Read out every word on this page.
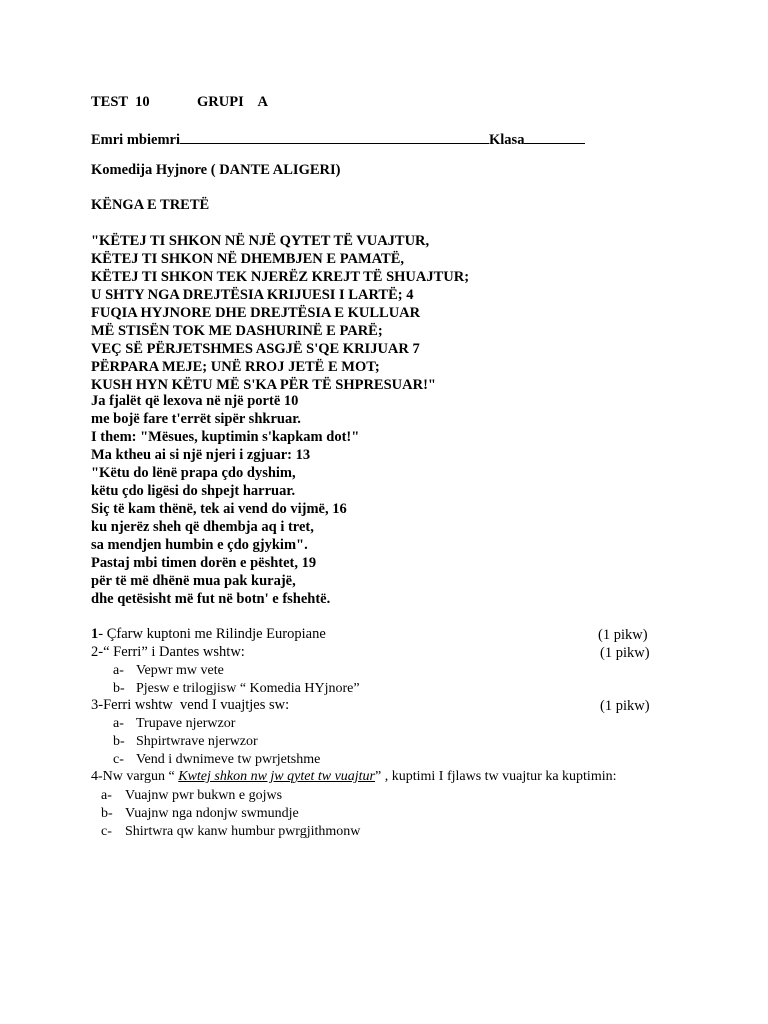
TEST 10	GRUPI A
Emri mbiemri	Klasa
Komedija Hyjnore ( DANTE ALIGERI)
KËNGA E TRETË
"KËTEJ TI SHKON NË NJË QYTET TË VUAJTUR,
KËTEJ TI SHKON NË DHEMBJEN E PAMATË,
KËTEJ TI SHKON TEK NJERËZ KREJT TË SHUAJTUR;
U SHTY NGA DREJTËSIA KRIJUESI I LARTË; 4
FUQIA HYJNORE DHE DREJTËSIA E KULLUAR
MË STISËN TOK ME DASHURINË E PARË;
VEÇ SË PËRJETSHMES ASGJË S'QE KRIJUAR 7
PËRPARA MEJE; UNË RROJ JETË E MOT;
KUSH HYN KËTU MË S'KA PËR TË SHPRESUAR!"
Ja fjalët që lexova në një portë 10
me bojë fare t'errët sipër shkruar.
I them: "Mësues, kuptimin s'kapkam dot!"
Ma ktheu ai si një njeri i zgjuar: 13
"Këtu do lënë prapa çdo dyshim,
këtu çdo ligësi do shpejt harruar.
Siç të kam thënë, tek ai vend do vijmë, 16
ku njerëz sheh që dhembja aq i tret,
sa mendjen humbin e çdo gjykim".
Pastaj mbi timen dorën e pështet, 19
për të më dhënë mua pak kurajë,
dhe qetësisht më fut në botn' e fshehtë.
1- Çfarw kuptoni me Rilindje Europiane	(1 pikw)
2-“ Ferri” i Dantes wshtw:	(1 pikw)
a- Vepwr mw vete
b- Pjesw e trilogjisw “ Komedia HYjnore”
3-Ferri wshtw  vend I vuajtjes sw:	(1 pikw)
a- Trupave njerwzor
b- Shpirtwrave njerwzor
c- Vend i dwnimeve tw pwrjetshme
4-Nw vargun “ Kwtej shkon nw jw qytet tw vuajtur” , kuptimi I fjlaws tw vuajtur ka kuptimin:
a- Vuajnw pwr bukwn e gojws
b- Vuajnw nga ndonjw swmundje
c- Shirtwra qw kanw humbur pwrgjithmonw
